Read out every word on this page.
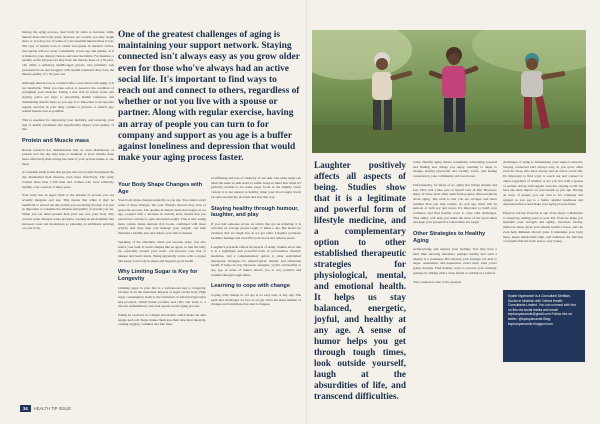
During the aging process, total body fat starts to increase, while muscle mass and body water decrease. As a result, you may weigh more or you may not. If some of your essential muscle mass is lost, this type of muscle loss is called sarcopenia in medical circles. Sarcopenia will not occur consistently across age and gender, as it is linked to your dietary choices and exercise habits. For instance, a healthy active 60-year-old may have the muscle mass of a 50-year-old, while a sedentary middle-aged person, who primarily eats processed foods and struggles with insulin resistance may have the muscle quality of a 70-year-old.

Although muscle loss is a natural effect associated with aging, it is not inevitable. What you take action to preserve the condition of strengthen your muscles. Eating a diet rich in whole foods and staying active are keys to preventing insulin resistance and maintaining muscle mass as you age. It is important to incorporate regular exercise in your daily routine to prevent or stretch age-related muscle loss as possible.

This is essential for improving your mobility, and reducing your risk of health conditions that significantly impact your quality of life.

Protein and Muscle mass

Recent research has demonstrated that an even distribution of protein over the day may help to maintain or grow muscle mass more effectively than having the bulk of your protein intake at one meal.

A Canadian study found that people who ate protein throughout the day maintained their muscles even more effectively. The study tracked more than 1,700 men and women who were relatively healthy, over a period of three years.

Your body has an upper limit to the amount of protein you can actually integrate and use. This means that while it may be beneficial to spread out the protein you eat during the day, it is just as important to consume the amount and quality of protein you eat. When you eat more protein than your use can, your body may convert some nitrogen waste products, creating an environment that increases wear and breakdown so planning on additional servings on your body.

One of the greatest challenges of aging is maintaining your support network. Staying connected isn't always easy as you grow older even for those who've always had an active social life. It's important to find ways to reach out and connect to others, regardless of whether or not you live with a spouse or partner. Along with regular exercise, having an array of people you can turn to for company and support as you age is a buffer against loneliness and depression that would make your aging process faster.

Your Body Shape Changes with Age

Your body shape changes naturally as you age. You cannot avoid some of these changes, but your lifestyle choices may slow or speed the process. The decline in muscle mass that begins as we age, coupled with a decrease in activity level, means that you need fewer calories to gain unwanted weight. This is why eating more calorie dense nutrient rich foods, combined with more activity that may help you manage your weight, can help maintain a healthy size and reduce your risk of disease.

Speaking of the abdomen, when you become older, you also notice your bum. It works shaped like an apple, so that the belly fat, especially around your waist, can increase your risk of disease and heart attack. Being physically active with a proper diet keeps your body in shape and supports good health.

Why Limiting Sugar is Key for Longevity

Limiting sugar in your diet is a well-known key to longevity, because of all the molecular impacts of sugar on the body. High sugar consumption leads to the formation of advanced glycation end products, which harms proteins and cells and leads to a chronic inflammatory state that speeds up the aging process.

Eating an overload of collagen and elastin, which make our skin supple and soft. Sugar makes them lose their structural integrity, causing sagging, wrinkles and fine lines.

in stiffening and loss of elasticity of our skin. The same sugar can harm the same as skin starts to suffer. Keep in mind that while it's perfectly normal to eat some sugar foods in the slightly sweet variety, it is not natural to healthy when your blood sugar levels become excessively elevated and stay that way.

Staying healthy through humour, laughter, and play

If you told someone across an article that got an irritating, it is said that on average people laugh 17 times a day. But there's no evidence that we laugh less as we get older. Laughter promotes healthier feelings and even lifts your mood and reduces stress.

Laughter's powerful effects all aspects of being. Studies show that it is a legitimate and powerful form of preventative lifestyle medicine, and a complementary option to other established therapeutic strategies for physiological, mental, and emotional health. It helps us stay balanced, energetic, joyful, and healthy at any age. A sense of humor allows you to stay positive and resilient through tough times.

Learning to cope with change

Coping with change in old age is no easy task, at any age. The particular challenges we face as we get old is the sheer number of changes and transitions that start to happen.

Laughter positively affects all aspects of being. Studies show that it is a legitimate and powerful form of lifestyle medicine, and a complementary option to other established therapeutic strategies for physiological, mental, and emotional health. It helps us stay balanced, energetic, joyful, and healthy at any age. A sense of humor helps you get through tough times, look outside yourself, laugh at the absurdities of life, and transcend difficulties.

come. Healthy aging means continually reinventing yourself and finding new things you enjoy, learning to adapt to change, staying physically and socially active, and feeling connected to your community and loved ones.

Unfortunately, for many of us, aging also brings anxiety and fear. How will I take care of myself later in life? However, many of these fears often stem from popular misconceptions about aging. The truth is that you are stronger and more resilient than you may realize. As you age, there will be periods of both joy and stress. It's important to build your resilience and find healthy ways to cope with challenges. This ability will help you make the most of the good times and keep your perspective when times are tough.

Other Strategies to Healthy Aging

Acknowledge and express your feelings. You may have a hard time showing emotions, perhaps feeling that such a display is a weakness. But burying your feelings can lead to anger, resentment, and depression. Don't deny what you're going through. Find healthy ways to process your feelings, perhaps by talking with a close friend or writing in a journal.

Stay connected. One of the greatest

challenges of aging is maintaining your support network. Staying connected isn't always easy as you grow older even for those who have always had an active social life. It's important to find ways to reach out and connect to others regardless of whether or not you live with a spouse or partner. Along with regular exercise, staying social can have the most impact on your health as you age. Having an array of people you can turn to for company and support as you age is a buffer against loneliness and depression that would make your aging process faster.

Physical activity. Exercise is one of the major contributors to longevity, adding years to your life. Exercise helps you maintain your strength and agility, increases vitality, improves sleep, gives your mental health a boost, and can even help diminish chronic pain. It maintains your body mass, keeps metabolism high, and enhances the function of systems that the body uses to stay young.

Kyabe Nyamande is a Consultant Dietitian. Doctor in Nutrition with Oxford Health Consultants Limited. You can connect with him on this via social media and email: kephanyamande@gmail.com Follow him on twitter: @kyanyamande Blog: kephanyamande.blogspot.com
34 HEALTH TIP ISSUE
